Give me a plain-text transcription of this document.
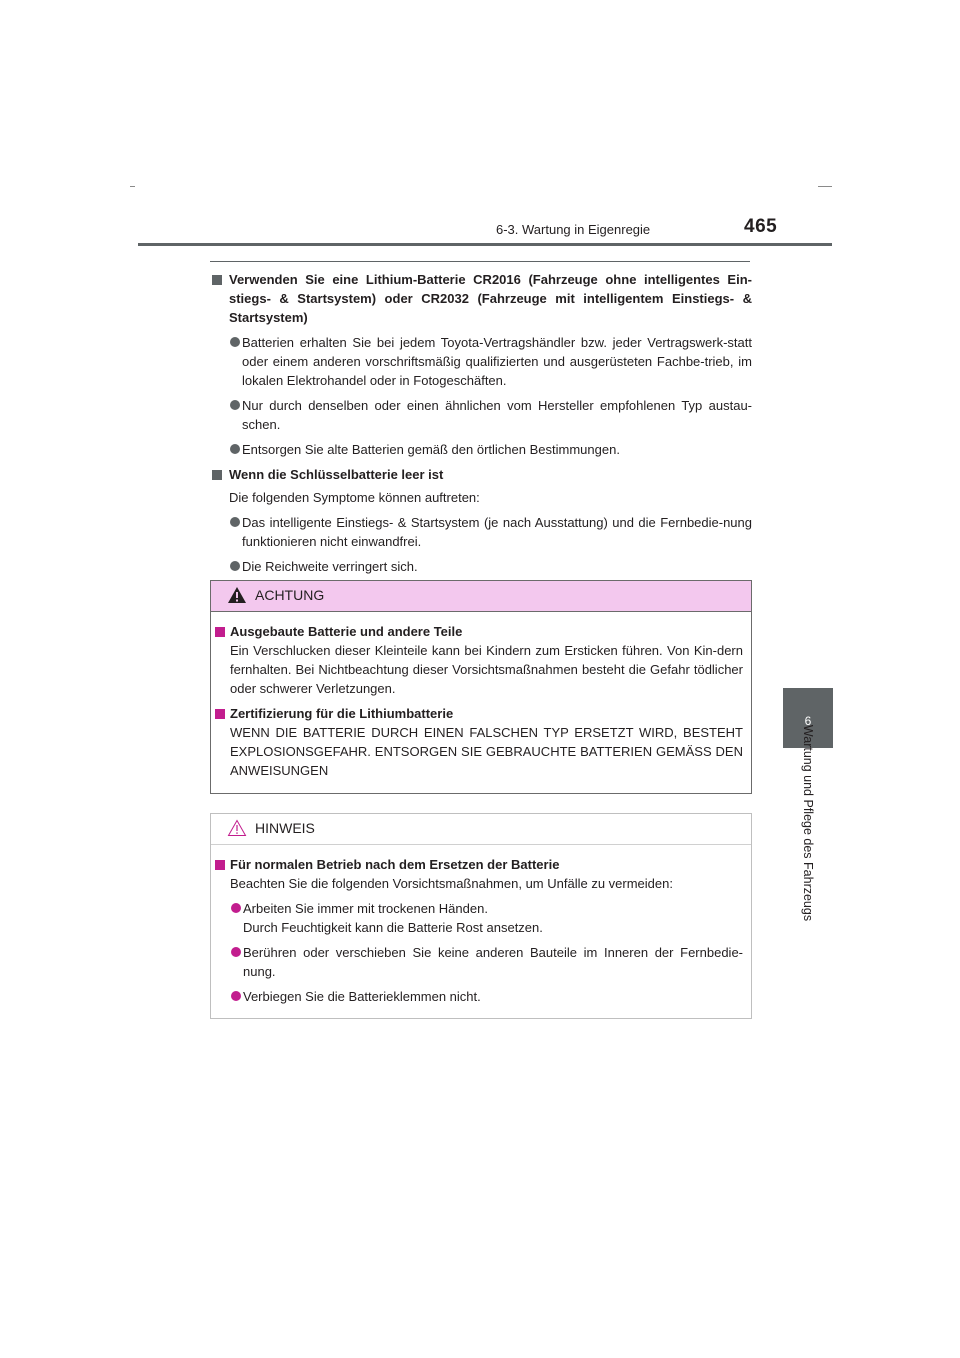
6-3. Wartung in Eigenregie	465
6
Wartung und Pflege des Fahrzeugs
Verwenden Sie eine Lithium-Batterie CR2016 (Fahrzeuge ohne intelligentes Ein-stiegs- & Startsystem) oder CR2032 (Fahrzeuge mit intelligentem Einstiegs- & Startsystem)
Batterien erhalten Sie bei jedem Toyota-Vertragshändler bzw. jeder Vertragswerk-statt oder einem anderen vorschriftsmäßig qualifizierten und ausgerüsteten Fachbe-trieb, im lokalen Elektrohandel oder in Fotogeschäften.
Nur durch denselben oder einen ähnlichen vom Hersteller empfohlenen Typ austau-schen.
Entsorgen Sie alte Batterien gemäß den örtlichen Bestimmungen.
Wenn die Schlüsselbatterie leer ist
Die folgenden Symptome können auftreten:
Das intelligente Einstiegs- & Startsystem (je nach Ausstattung) und die Fernbedie-nung funktionieren nicht einwandfrei.
Die Reichweite verringert sich.
ACHTUNG
Ausgebaute Batterie und andere Teile
Ein Verschlucken dieser Kleinteile kann bei Kindern zum Ersticken führen. Von Kin-dern fernhalten. Bei Nichtbeachtung dieser Vorsichtsmaßnahmen besteht die Gefahr tödlicher oder schwerer Verletzungen.
Zertifizierung für die Lithiumbatterie
WENN DIE BATTERIE DURCH EINEN FALSCHEN TYP ERSETZT WIRD, BESTEHT EXPLOSIONSGEFAHR. ENTSORGEN SIE GEBRAUCHTE BATTERIEN GEMÄSS DEN ANWEISUNGEN
HINWEIS
Für normalen Betrieb nach dem Ersetzen der Batterie
Beachten Sie die folgenden Vorsichtsmaßnahmen, um Unfälle zu vermeiden:
Arbeiten Sie immer mit trockenen Händen.
Durch Feuchtigkeit kann die Batterie Rost ansetzen.
Berühren oder verschieben Sie keine anderen Bauteile im Inneren der Fernbedie-nung.
Verbiegen Sie die Batterieklemmen nicht.
